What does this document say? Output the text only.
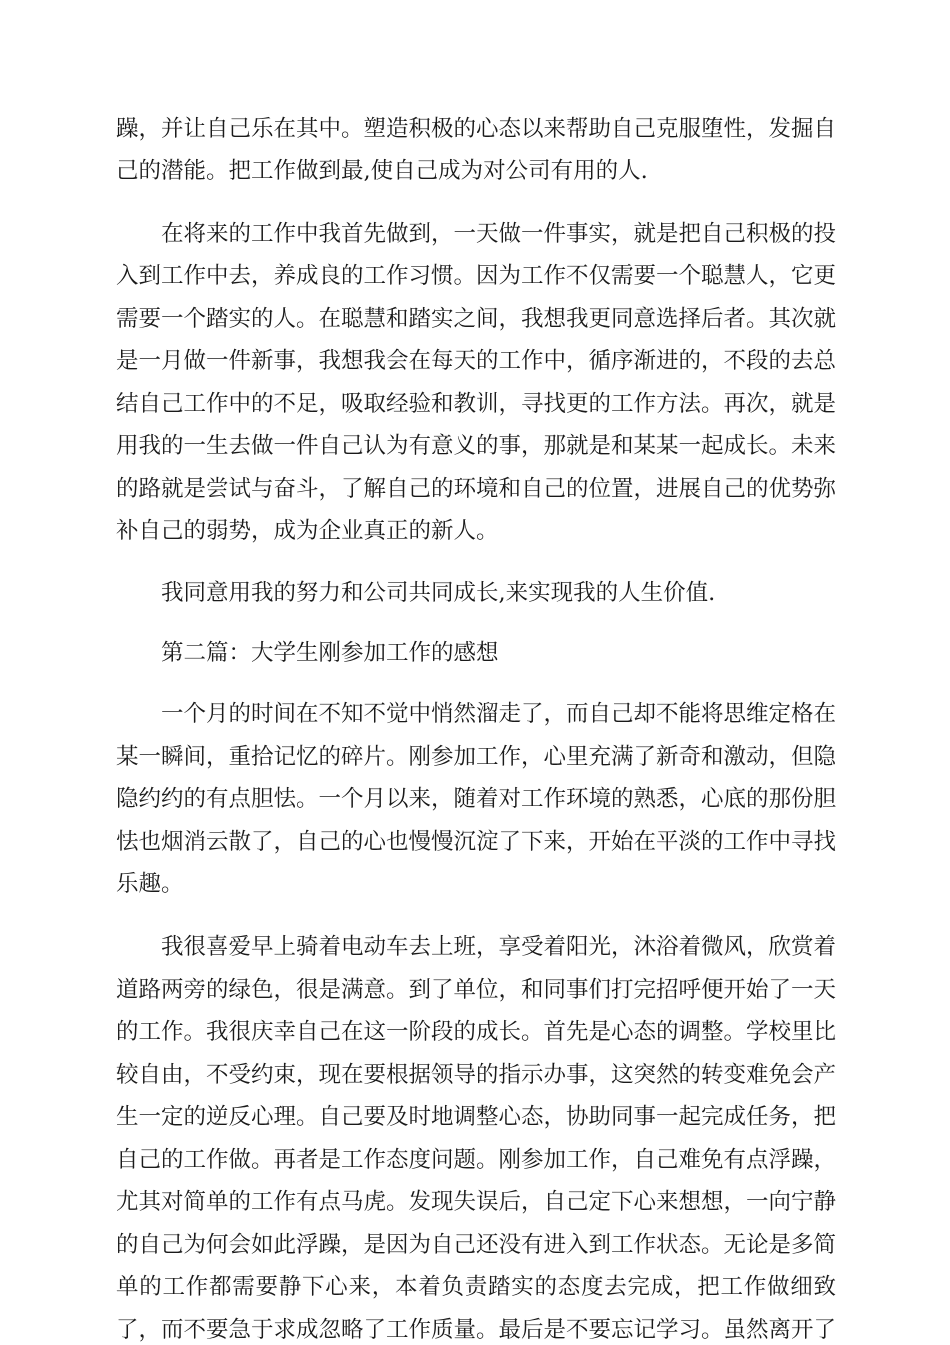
躁，并让自己乐在其中。塑造积极的心态以来帮助自己克服堕性，发掘自
己的潜能。把工作做到最,使自己成为对公司有用的人.
在将来的工作中我首先做到，一天做一件事实，就是把自己积极的投
入到工作中去，养成良的工作习惯。因为工作不仅需要一个聪慧人，它更
需要一个踏实的人。在聪慧和踏实之间，我想我更同意选择后者。其次就
是一月做一件新事，我想我会在每天的工作中，循序渐进的，不段的去总
结自己工作中的不足，吸取经验和教训，寻找更的工作方法。再次，就是
用我的一生去做一件自己认为有意义的事，那就是和某某一起成长。未来
的路就是尝试与奋斗，了解自己的环境和自己的位置，进展自己的优势弥
补自己的弱势，成为企业真正的新人。
我同意用我的努力和公司共同成长,来实现我的人生价值.
第二篇：大学生刚参加工作的感想
一个月的时间在不知不觉中悄然溜走了，而自己却不能将思维定格在
某一瞬间，重拾记忆的碎片。刚参加工作，心里充满了新奇和激动，但隐
隐约约的有点胆怯。一个月以来，随着对工作环境的熟悉，心底的那份胆
怯也烟消云散了，自己的心也慢慢沉淀了下来，开始在平淡的工作中寻找
乐趣。
我很喜爱早上骑着电动车去上班，享受着阳光，沐浴着微风，欣赏着
道路两旁的绿色，很是满意。到了单位，和同事们打完招呼便开始了一天
的工作。我很庆幸自己在这一阶段的成长。首先是心态的调整。学校里比
较自由，不受约束，现在要根据领导的指示办事，这突然的转变难免会产
生一定的逆反心理。自己要及时地调整心态，协助同事一起完成任务，把
自己的工作做。再者是工作态度问题。刚参加工作，自己难免有点浮躁，
尤其对简单的工作有点马虎。发现失误后，自己定下心来想想，一向宁静
的自己为何会如此浮躁，是因为自己还没有进入到工作状态。无论是多简
单的工作都需要静下心来，本着负责踏实的态度去完成，把工作做细致
了，而不要急于求成忽略了工作质量。最后是不要忘记学习。虽然离开了
